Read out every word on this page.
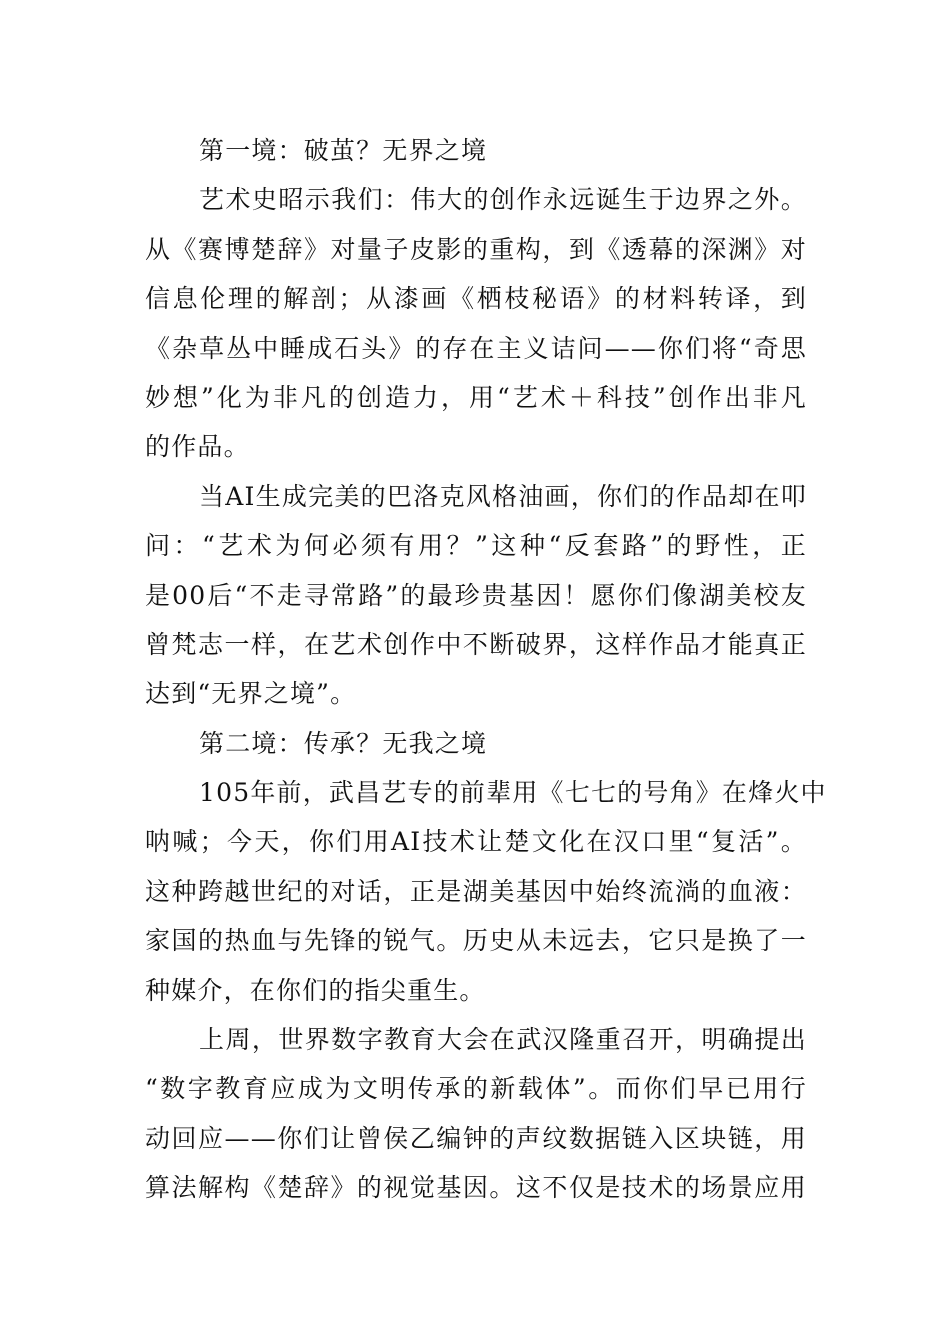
第一境：破茧？无界之境
艺术史昭示我们：伟大的创作永远诞生于边界之外。
从《赛博楚辞》对量子皮影的重构，到《透幕的深渊》对
信息伦理的解剖；从漆画《栖枝秘语》的材料转译，到
《杂草丛中睡成石头》的存在主义诘问——你们将“奇思
妙想”化为非凡的创造力，用“艺术＋科技”创作出非凡
的作品。
当AI生成完美的巴洛克风格油画，你们的作品却在叩
问：“艺术为何必须有用？”这种“反套路”的野性，正
是00后“不走寻常路”的最珍贵基因！愿你们像湖美校友
曾梵志一样，在艺术创作中不断破界，这样作品才能真正
达到“无界之境”。
第二境：传承？无我之境
105年前，武昌艺专的前辈用《七七的号角》在烽火中
呐喊；今天，你们用AI技术让楚文化在汉口里“复活”。
这种跨越世纪的对话，正是湖美基因中始终流淌的血液：
家国的热血与先锋的锐气。历史从未远去，它只是换了一
种媒介，在你们的指尖重生。
上周，世界数字教育大会在武汉隆重召开，明确提出
“数字教育应成为文明传承的新载体”。而你们早已用行
动回应——你们让曾侯乙编钟的声纹数据链入区块链，用
算法解构《楚辞》的视觉基因。这不仅是技术的场景应用
